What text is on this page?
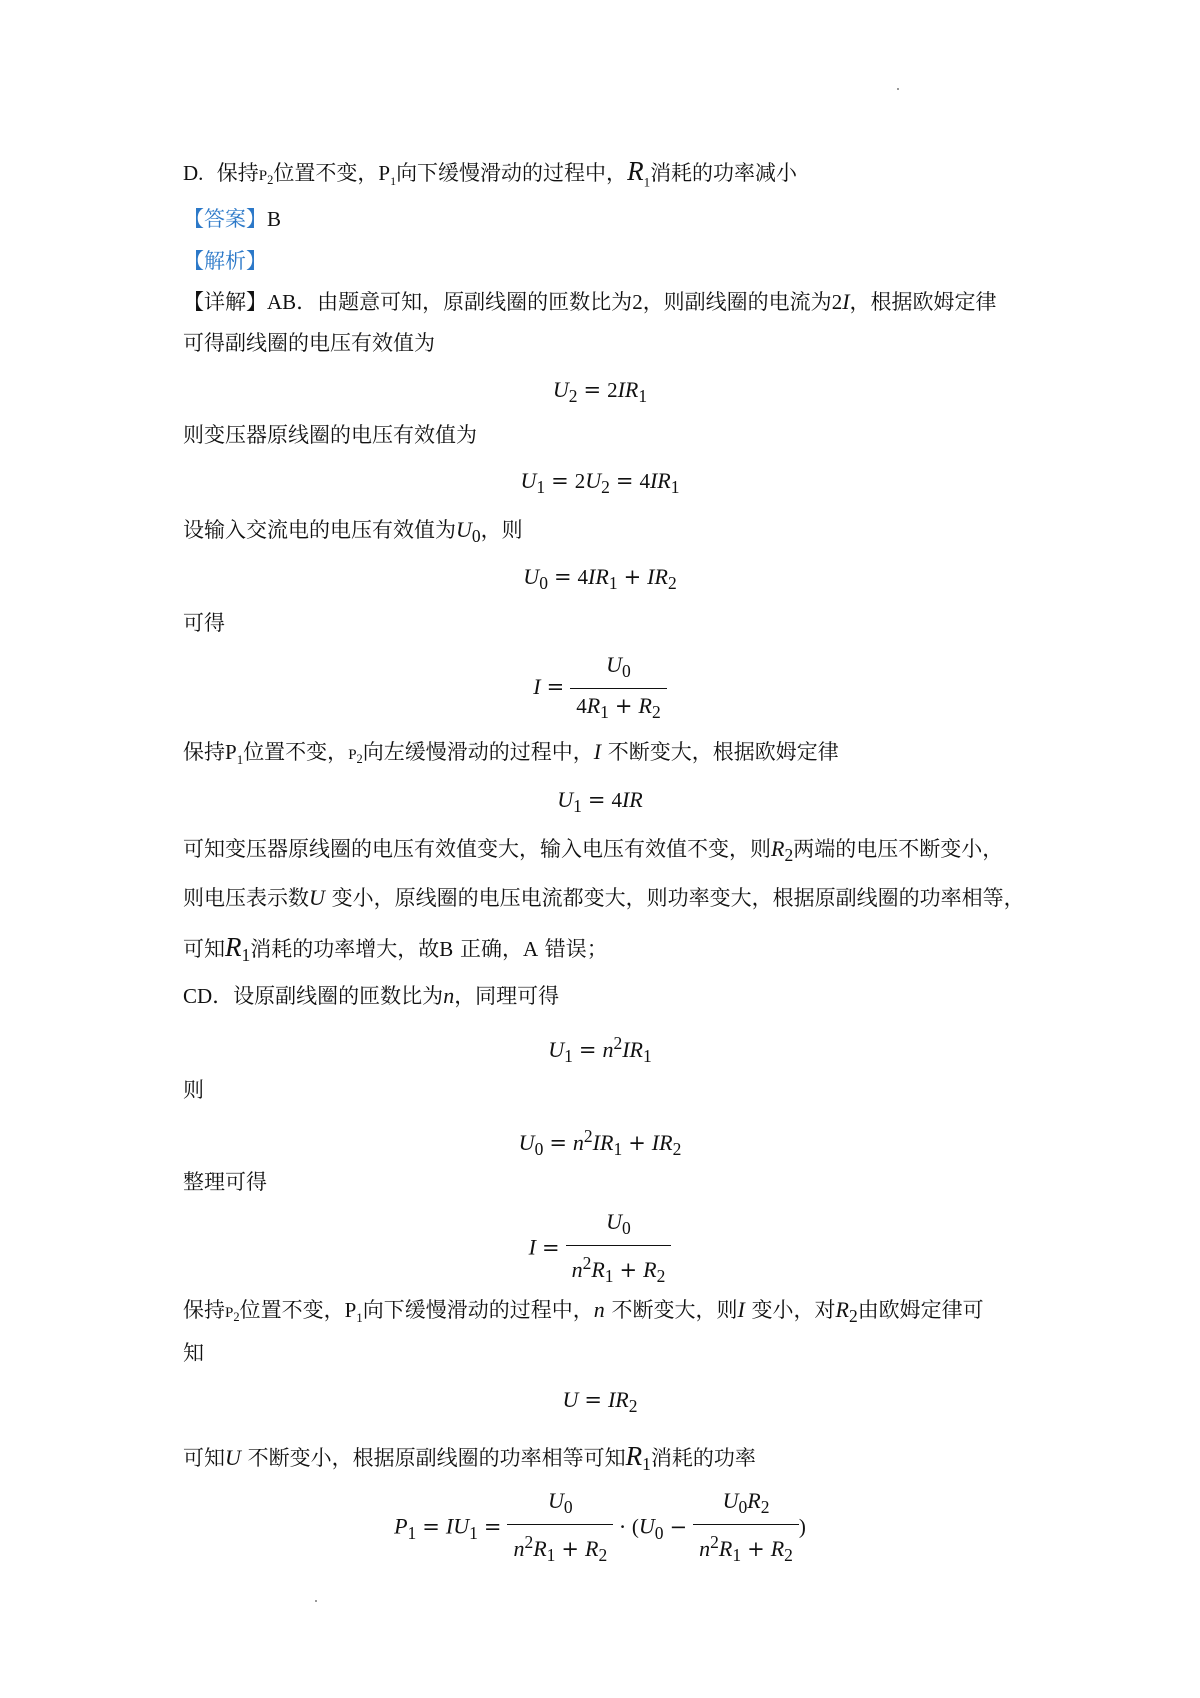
D.  保持$P_2$位置不变，$P_1$向下缓慢滑动的过程中，$R_1$消耗的功率减小
【答案】B
【解析】
【详解】AB．由题意可知，原副线圈的匝数比为2，则副线圈的电流为2I，根据欧姆定律
可得副线圈的电压有效值为
$U_2 = 2IR_1$
则变压器原线圈的电压有效值为
$U_1 = 2U_2 = 4IR_1$
设输入交流电的电压有效值为$U_0$，则
$U_0 = 4IR_1 + IR_2$
可得
$I = \frac{U_0}{4R_1 + R_2}$
保持$P_1$位置不变，$P_2$向左缓慢滑动的过程中，I 不断变大，根据欧姆定律
$U_1 = 4IR$
可知变压器原线圈的电压有效值变大，输入电压有效值不变，则$R_2$两端的电压不断变小，
则电压表示数U 变小，原线圈的电压电流都变大，则功率变大，根据原副线圈的功率相等，
可知$R_1$消耗的功率增大，故B 正确，A 错误；
CD．设原副线圈的匝数比为n，同理可得
$U_1 = n^2IR_1$
则
$U_0 = n^2IR_1 + IR_2$
整理可得
$I = \frac{U_0}{n^2R_1 + R_2}$
保持$P_2$位置不变，$P_1$向下缓慢滑动的过程中，n 不断变大，则I 变小，对$R_2$由欧姆定律可
知
$U = IR_2$
可知U 不断变小，根据原副线圈的功率相等可知$R_1$消耗的功率
$P_1 = IU_1 = \frac{U_0}{n^2R_1 + R_2} \cdot (U_0 - \frac{U_0R_2}{n^2R_1 + R_2}$ )
